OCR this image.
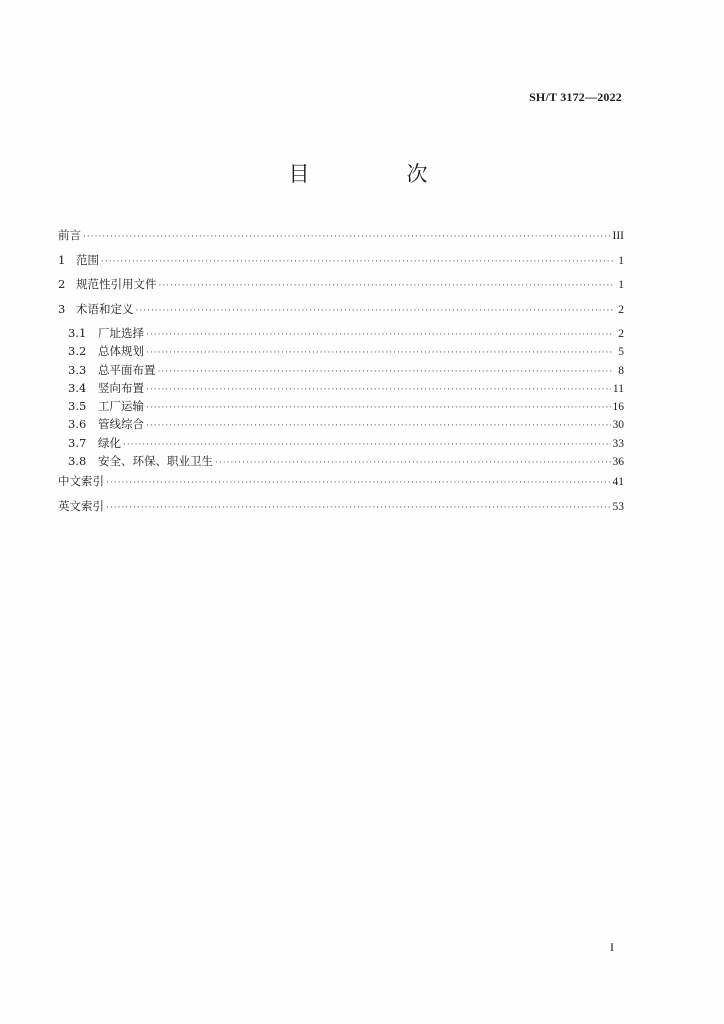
SH/T 3172—2022
目　次
前言 ·····	III
1 范围 ·····	1
2 规范性引用文件 ·····	1
3 术语和定义 ·····	2
3.1	厂址选择 ·····	2
3.2	总体规划 ·····	5
3.3	总平面布置 ·····	8
3.4	竖向布置 ·····	11
3.5	工厂运输 ·····	16
3.6	管线综合 ·····	30
3.7	绿化 ·····	33
3.8	安全、环保、职业卫生 ·····	36
中文索引 ·····	41
英文索引 ·····	53
I
